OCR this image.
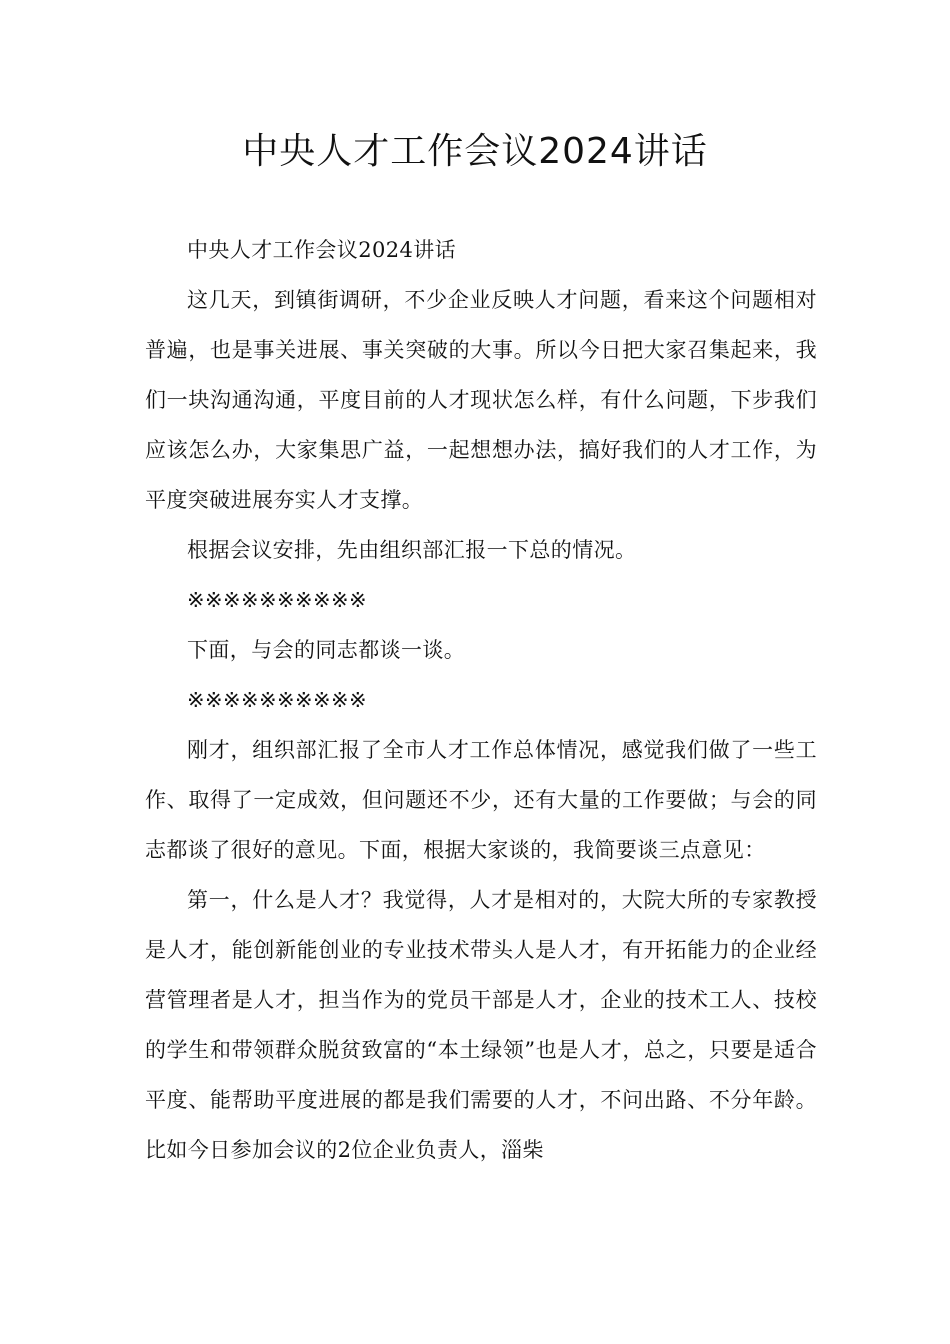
中央人才工作会议2024讲话

中央人才工作会议2024讲话

这几天，到镇街调研，不少企业反映人才问题，看来这个问题相对普遍，也是事关进展、事关突破的大事。所以今日把大家召集起来，我们一块沟通沟通，平度目前的人才现状怎么样，有什么问题，下步我们应该怎么办，大家集思广益，一起想想办法，搞好我们的人才工作，为平度突破进展夯实人才支撑。

根据会议安排，先由组织部汇报一下总的情况。

※※※※※※※※※※

下面，与会的同志都谈一谈。

※※※※※※※※※※

刚才，组织部汇报了全市人才工作总体情况，感觉我们做了一些工作、取得了一定成效，但问题还不少，还有大量的工作要做；与会的同志都谈了很好的意见。下面，根据大家谈的，我简要谈三点意见：

第一，什么是人才？我觉得，人才是相对的，大院大所的专家教授是人才，能创新能创业的专业技术带头人是人才，有开拓能力的企业经营管理者是人才，担当作为的党员干部是人才，企业的技术工人、技校的学生和带领群众脱贫致富的“本土绿领”也是人才，总之，只要是适合平度、能帮助平度进展的都是我们需要的人才，不问出路、不分年龄。比如今日参加会议的2位企业负责人，淄柴
